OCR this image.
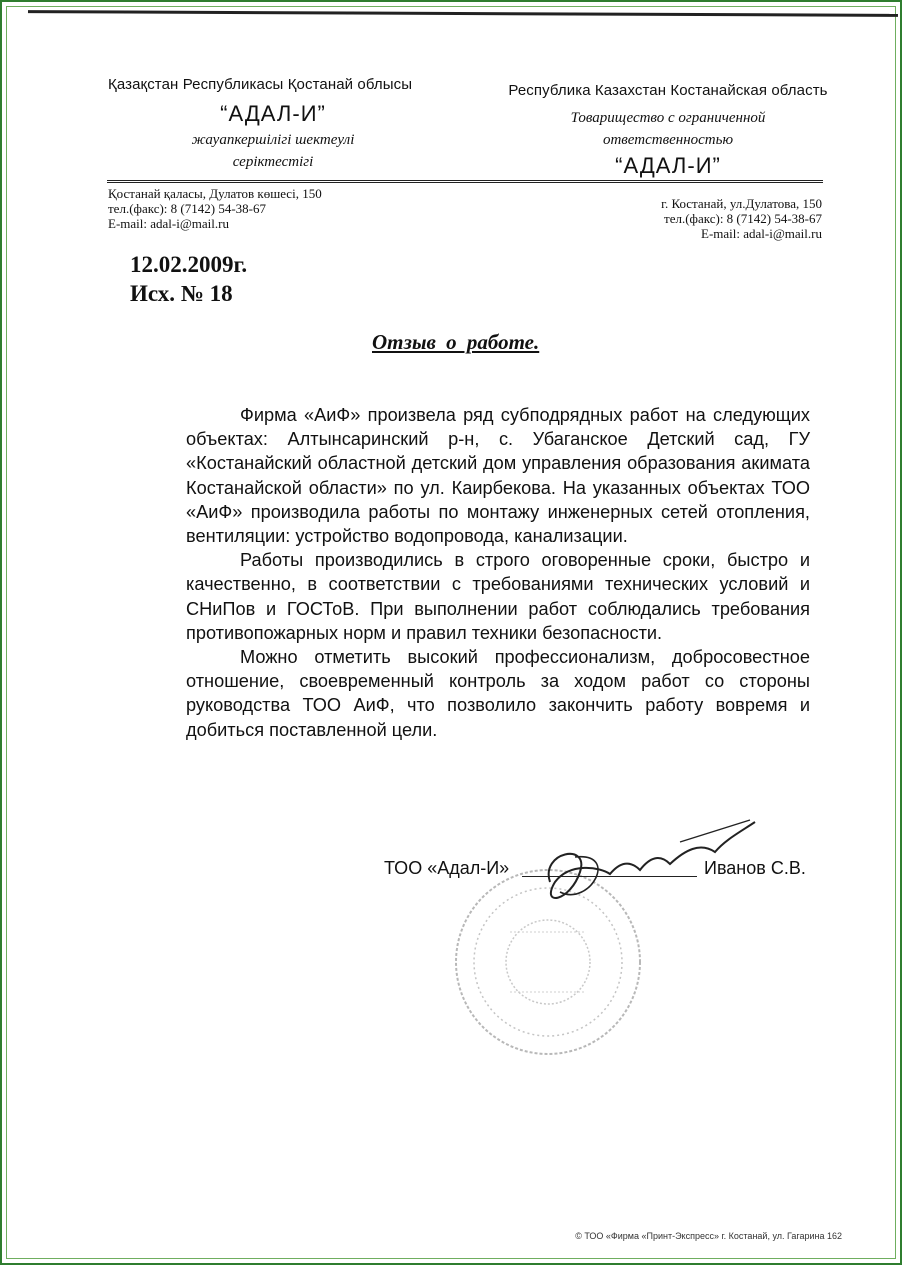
Қазақстан Республикасы Қостанай облысы
“АДАЛ-И”
жауапкершілігі шектеулі
серіктестігі
Республика Казахстан Костанайская область
Товарищество с ограниченной
ответственностью
“АДАЛ-И”
Қостанай қаласы, Дулатов көшесі, 150
тел.(факс): 8 (7142) 54-38-67
E-mail: adal-i@mail.ru
г. Костанай, ул.Дулатова, 150
тел.(факс): 8 (7142) 54-38-67
E-mail: adal-i@mail.ru
12.02.2009г.
Исх. № 18
Отзыв о работе.

Фирма «АиФ» произвела ряд субподрядных работ на следующих объектах: Алтынсаринский р-н, с. Убаганское Детский сад, ГУ «Костанайский областной детский дом управления образования акимата Костанайской области» по ул. Каирбекова. На указанных объектах ТОО «АиФ» производила работы по монтажу инженерных сетей отопления, вентиляции: устройство водопровода, канализации.

Работы производились в строго оговоренные сроки, быстро и качественно, в соответствии с требованиями технических условий и СНиПов и ГОСТоВ. При выполнении работ соблюдались требования противопожарных норм и правил техники безопасности.

Можно отметить высокий профессионализм, добросовестное отношение, своевременный контроль за ходом работ со стороны руководства ТОО АиФ, что позволило закончить работу вовремя и добиться поставленной цели.

ТОО «Адал-И»	Иванов С.В.
© ТОО «Фирма «Принт-Экспресс» г. Костанай, ул. Гагарина 162
